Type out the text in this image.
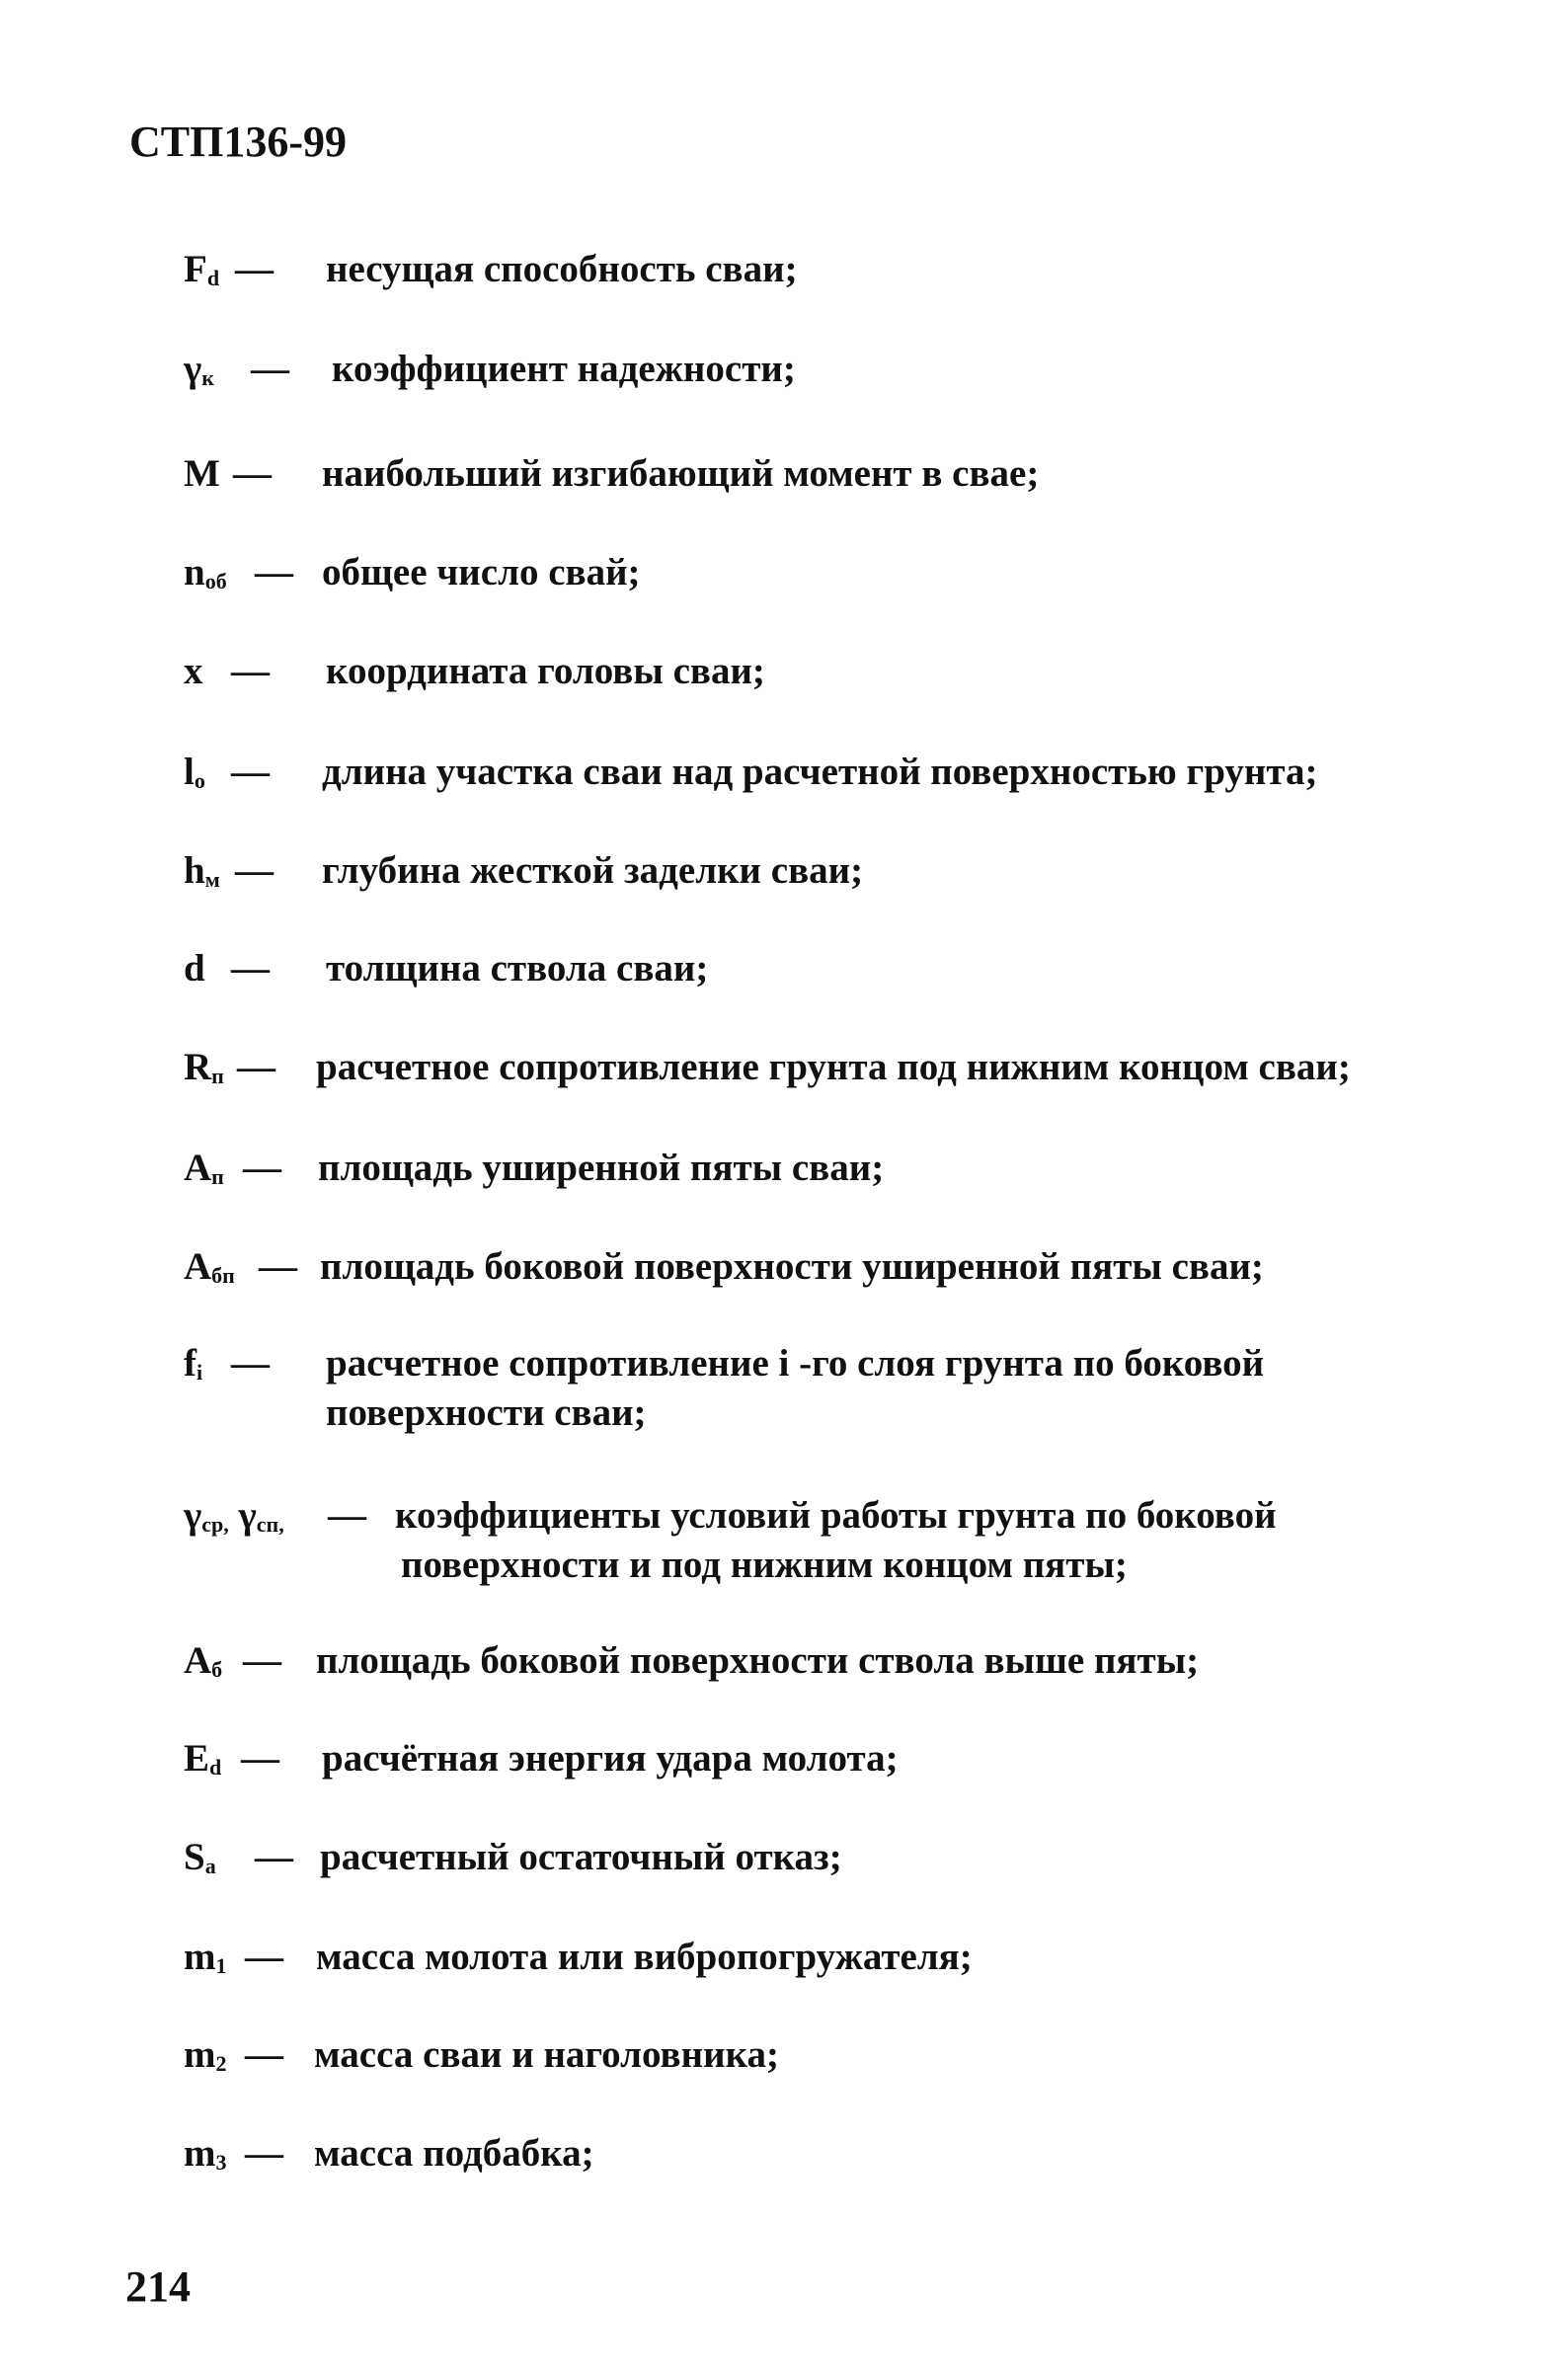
СТП136-99
$F_d$ — несущая способность сваи;
$\gamma_к$ — коэффициент надежности;
M — наибольший изгибающий момент в свае;
$n_{об}$ — общее число свай;
x — координата головы сваи;
$l_o$ — длина участка сваи над расчетной поверхностью грунта;
$h_м$ — глубина жесткой заделки сваи;
d — толщина ствола сваи;
$R_п$ — расчетное сопротивление грунта под нижним концом сваи;
$A_п$ — площадь уширенной пяты сваи;
$A_{бп}$ — площадь боковой поверхности уширенной пяты сваи;
$f_i$ — расчетное сопротивление i -го слоя грунта по боковой
поверхности сваи;
$\gamma_{ср,}$ $\gamma_{сп,}$ — коэффициенты условий работы грунта по боковой
поверхности и под нижним концом пяты;
$A_б$ — площадь боковой поверхности ствола выше пяты;
$E_d$ — расчётная энергия удара молота;
$S_a$ — расчетный остаточный отказ;
$m_1$ — масса молота или вибропогружателя;
$m_2$ — масса сваи и наголовника;
$m_3$ — масса подбабка;
214
